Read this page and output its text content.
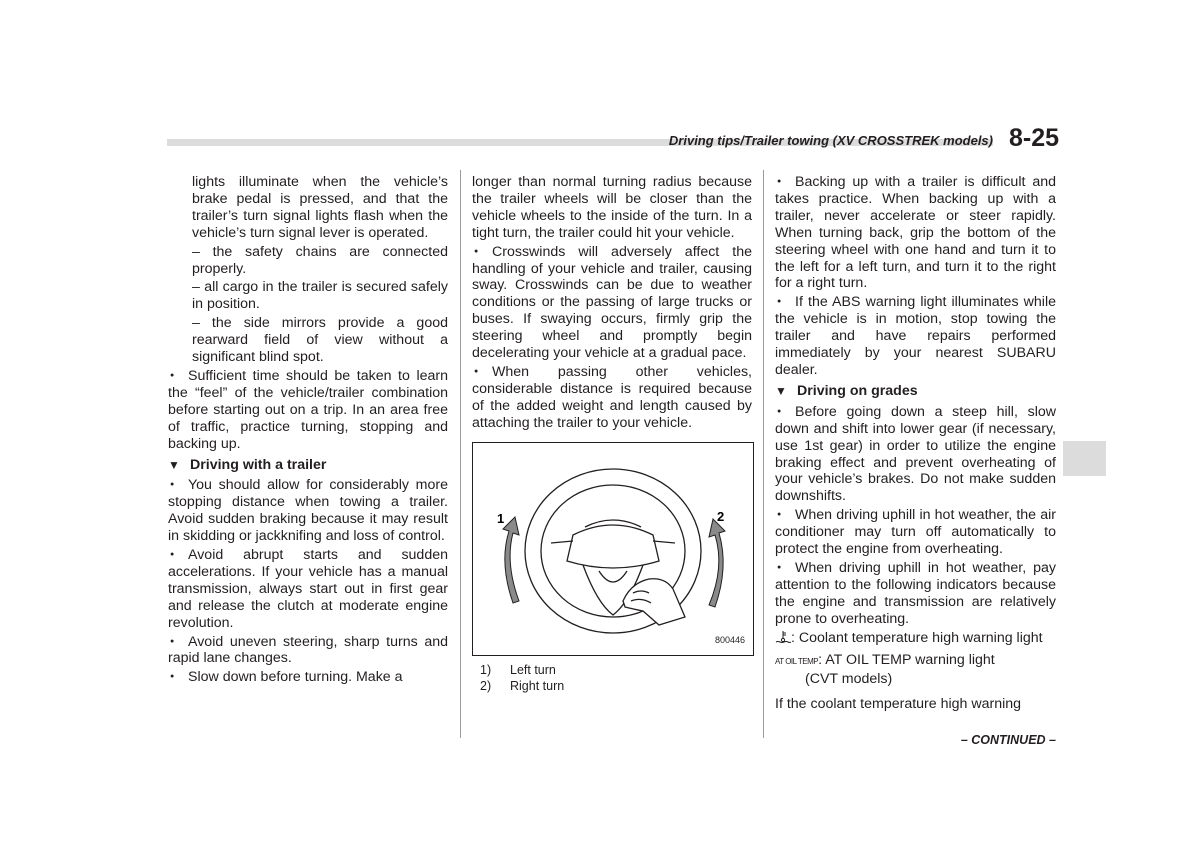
Driving tips/Trailer towing (XV CROSSTREK models) 8-25

lights illuminate when the vehicle’s brake pedal is pressed, and that the trailer’s turn signal lights flash when the vehicle’s turn signal lever is operated.

– the safety chains are connected properly.

– all cargo in the trailer is secured safely in position.

– the side mirrors provide a good rearward field of view without a significant blind spot.

●Sufficient time should be taken to learn the “feel” of the vehicle/trailer combination before starting out on a trip. In an area free of traffic, practice turning, stopping and backing up.

▼ Driving with a trailer

●You should allow for considerably more stopping distance when towing a trailer. Avoid sudden braking because it may result in skidding or jackknifing and loss of control.

●Avoid abrupt starts and sudden accelerations. If your vehicle has a manual transmission, always start out in first gear and release the clutch at moderate engine revolution.

●Avoid uneven steering, sharp turns and rapid lane changes.

●Slow down before turning. Make a

longer than normal turning radius because the trailer wheels will be closer than the vehicle wheels to the inside of the turn. In a tight turn, the trailer could hit your vehicle.

●Crosswinds will adversely affect the handling of your vehicle and trailer, causing sway. Crosswinds can be due to weather conditions or the passing of large trucks or buses. If swaying occurs, firmly grip the steering wheel and promptly begin decelerating your vehicle at a gradual pace.

●When passing other vehicles, considerable distance is required because of the added weight and length caused by attaching the trailer to your vehicle.

1	2
800446
1) Left turn
2) Right turn

●Backing up with a trailer is difficult and takes practice. When backing up with a trailer, never accelerate or steer rapidly. When turning back, grip the bottom of the steering wheel with one hand and turn it to the left for a left turn, and turn it to the right for a right turn.

●If the ABS warning light illuminates while the vehicle is in motion, stop towing the trailer and have repairs performed immediately by your nearest SUBARU dealer.

▼ Driving on grades

●Before going down a steep hill, slow down and shift into lower gear (if necessary, use 1st gear) in order to utilize the engine braking effect and prevent overheating of your vehicle’s brakes. Do not make sudden downshifts.

●When driving uphill in hot weather, the air conditioner may turn off automatically to protect the engine from overheating.

●When driving uphill in hot weather, pay attention to the following indicators because the engine and transmission are relatively prone to overheating.

: Coolant temperature high warning light

AT OIL TEMP: AT OIL TEMP warning light
(CVT models)

If the coolant temperature high warning

– CONTINUED –
